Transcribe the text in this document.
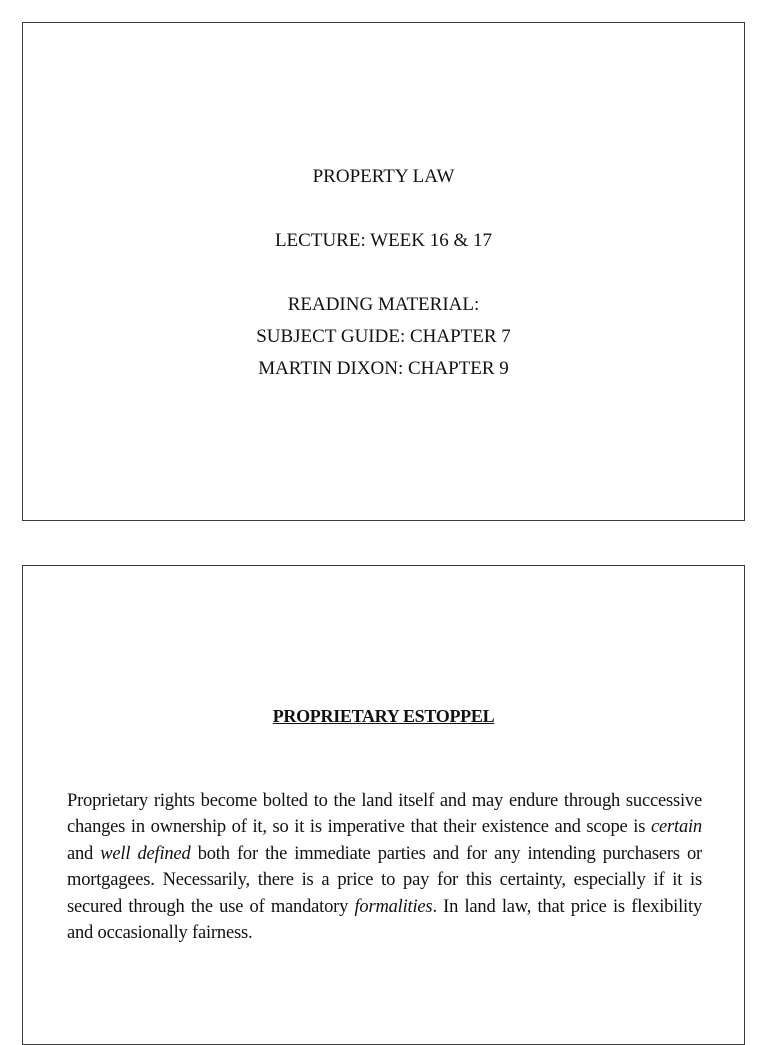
PROPERTY LAW
LECTURE: WEEK 16 & 17
READING MATERIAL:
SUBJECT GUIDE: CHAPTER 7
MARTIN DIXON: CHAPTER 9
PROPRIETARY ESTOPPEL

Proprietary rights become bolted to the land itself and may endure through successive changes in ownership of it, so it is imperative that their existence and scope is certain and well defined both for the immediate parties and for any intending purchasers or mortgagees. Necessarily, there is a price to pay for this certainty, especially if it is secured through the use of mandatory formalities. In land law, that price is flexibility and occasionally fairness.
